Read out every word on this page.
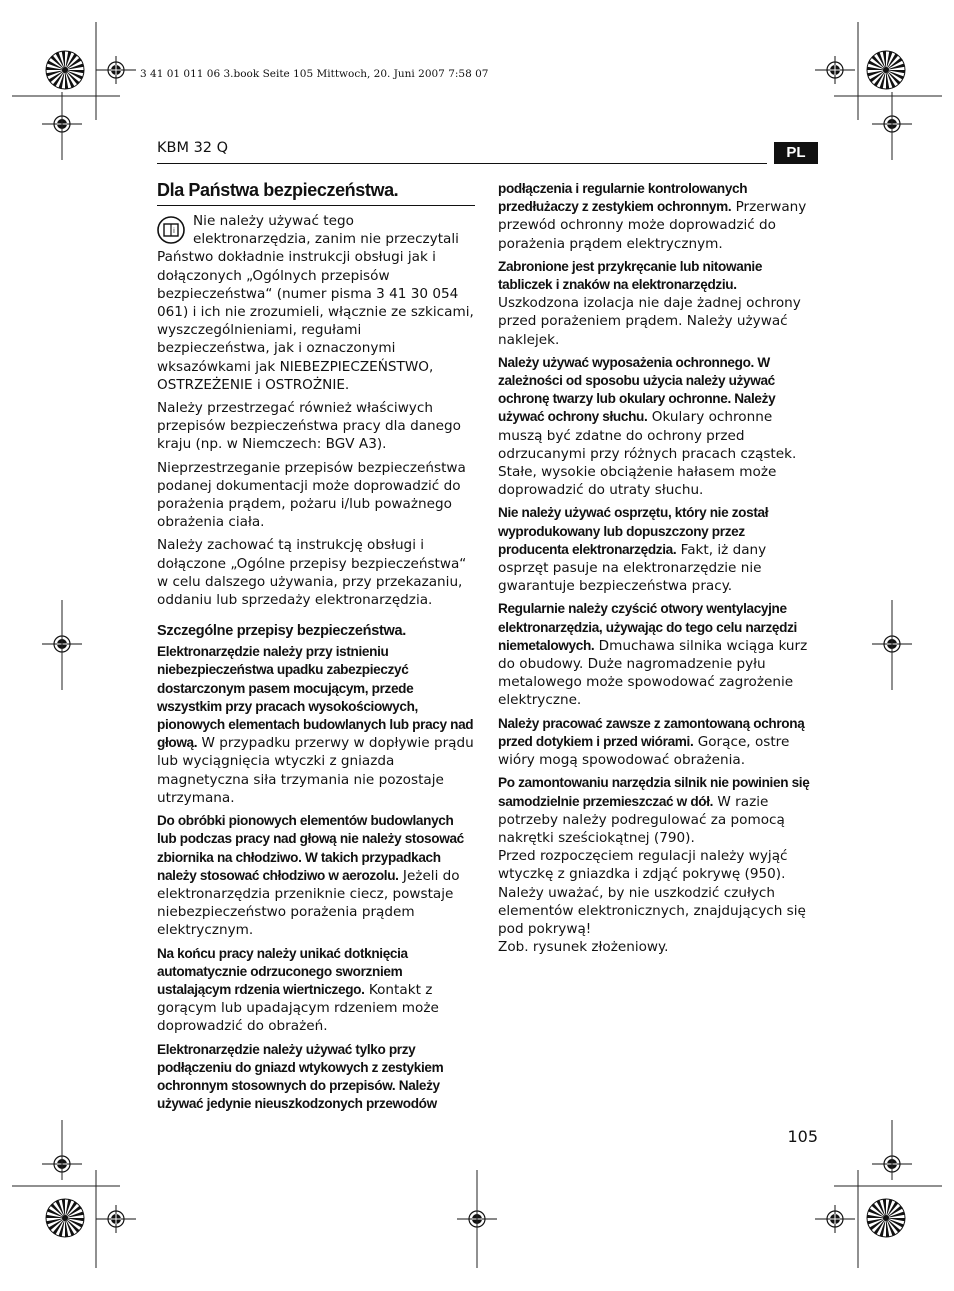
3 41 01 011 06 3.book Seite 105 Mittwoch, 20. Juni 2007 7:58 07
KBM 32 Q	PL
Dla Państwa bezpieczeństwa.

i
Nie należy używać tego elektronarzędzia, zanim nie przeczytali Państwo dokładnie instrukcji obsługi jak i dołączonych „Ogólnych przepisów bezpieczeństwa“ (numer pisma 3 41 30 054 061) i ich nie zrozumieli, włącznie ze szkicami, wyszczególnieniami, regułami bezpieczeństwa, jak i oznaczonymi wksazówkami jak NIEBEZPIECZEŃSTWO, OSTRZEŻENIE i OSTROŻNIE.

Należy przestrzegać również właściwych przepisów bezpieczeństwa pracy dla danego kraju (np. w Niemczech: BGV A3).

Nieprzestrzeganie przepisów bezpieczeństwa podanej dokumentacji może doprowadzić do porażenia prądem, pożaru i/lub poważnego obrażenia ciała.

Należy zachować tą instrukcję obsługi i dołączone „Ogólne przepisy bezpieczeństwa“ w celu dalszego używania, przy przekazaniu, oddaniu lub sprzedaży elektronarzędzia.

Szczególne przepisy bezpieczeństwa.

Elektronarzędzie należy przy istnieniu niebezpieczeństwa upadku zabezpieczyć dostarczonym pasem mocującym, przede wszystkim przy pracach wysokościowych, pionowych elementach budowlanych lub pracy nad głową. W przypadku przerwy w dopływie prądu lub wyciągnięcia wtyczki z gniazda magnetyczna siła trzymania nie pozostaje utrzymana.

Do obróbki pionowych elementów budowlanych lub podczas pracy nad głową nie należy stosować zbiornika na chłodziwo. W takich przypadkach należy stosować chłodziwo w aerozolu. Jeżeli do elektronarzędzia przeniknie ciecz, powstaje niebezpieczeństwo porażenia prądem elektrycznym.

Na końcu pracy należy unikać dotknięcia automatycznie odrzuconego sworzniem ustalającym rdzenia wiertniczego. Kontakt z gorącym lub upadającym rdzeniem może doprowadzić do obrażeń.

Elektronarzędzie należy używać tylko przy podłączeniu do gniazd wtykowych z zestykiem ochronnym stosownych do przepisów. Należy używać jedynie nieuszkodzonych przewodów

podłączenia i regularnie kontrolowanych przedłużaczy z zestykiem ochronnym. Przerwany przewód ochronny może doprowadzić do porażenia prądem elektrycznym.

Zabronione jest przykręcanie lub nitowanie tabliczek i znaków na elektronarzędziu. Uszkodzona izolacja nie daje żadnej ochrony przed porażeniem prądem. Należy używać naklejek.

Należy używać wyposażenia ochronnego. W zależności od sposobu użycia należy używać ochronę twarzy lub okulary ochronne. Należy używać ochrony słuchu. Okulary ochronne muszą być zdatne do ochrony przed odrzucanymi przy różnych pracach cząstek. Stałe, wysokie obciążenie hałasem może doprowadzić do utraty słuchu.

Nie należy używać osprzętu, który nie został wyprodukowany lub dopuszczony przez producenta elektronarzędzia. Fakt, iż dany osprzęt pasuje na elektronarzędzie nie gwarantuje bezpieczeństwa pracy.

Regularnie należy czyścić otwory wentylacyjne elektronarzędzia, używając do tego celu narzędzi niemetalowych. Dmuchawa silnika wciąga kurz do obudowy. Duże nagromadzenie pyłu metalowego może spowodować zagrożenie elektryczne.

Należy pracować zawsze z zamontowaną ochroną przed dotykiem i przed wiórami. Gorące, ostre wióry mogą spowodować obrażenia.

Po zamontowaniu narzędzia silnik nie powinien się samodzielnie przemieszczać w dół. W razie potrzeby należy podregulować za pomocą nakrętki sześciokątnej (790).

Przed rozpoczęciem regulacji należy wyjąć wtyczkę z gniazdka i zdjąć pokrywę (950). Należy uważać, by nie uszkodzić czułych elementów elektronicznych, znajdujących się pod pokrywą!

Zob. rysunek złożeniowy.

105
